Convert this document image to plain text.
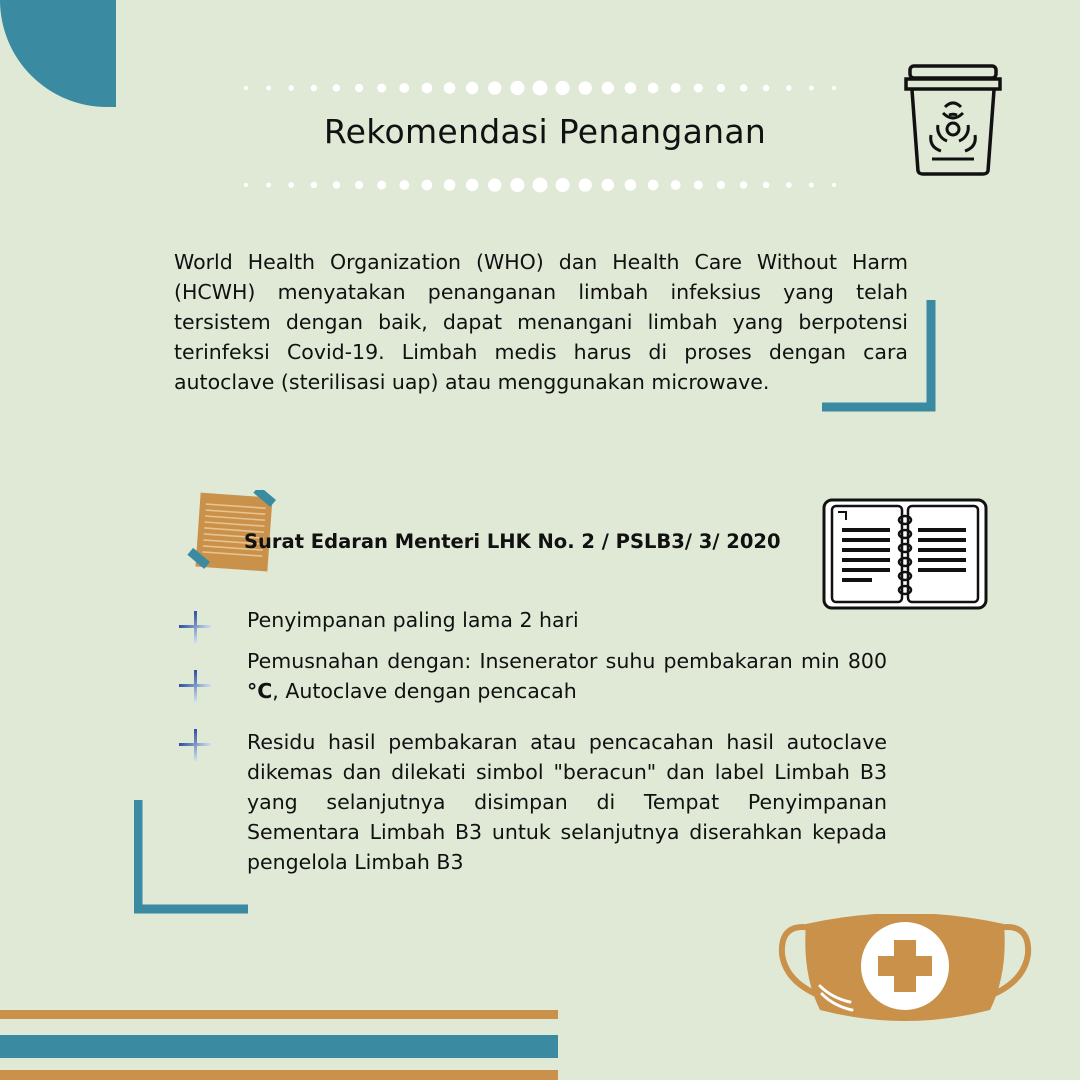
Rekomendasi Penanganan
World Health Organization (WHO) dan Health Care Without Harm (HCWH) menyatakan penanganan limbah infeksius yang telah tersistem dengan baik, dapat menangani limbah yang berpotensi terinfeksi Covid-19. Limbah medis harus di proses dengan cara autoclave (sterilisasi uap) atau menggunakan microwave.
Surat Edaran Menteri LHK No. 2 / PSLB3/ 3/ 2020
Penyimpanan paling lama 2 hari
Pemusnahan dengan: Insenerator suhu pembakaran min 800 °C, Autoclave dengan pencacah
Residu hasil pembakaran atau pencacahan hasil autoclave dikemas dan dilekati simbol "beracun" dan label Limbah B3 yang selanjutnya disimpan di Tempat Penyimpanan Sementara Limbah B3 untuk selanjutnya diserahkan kepada pengelola Limbah B3
